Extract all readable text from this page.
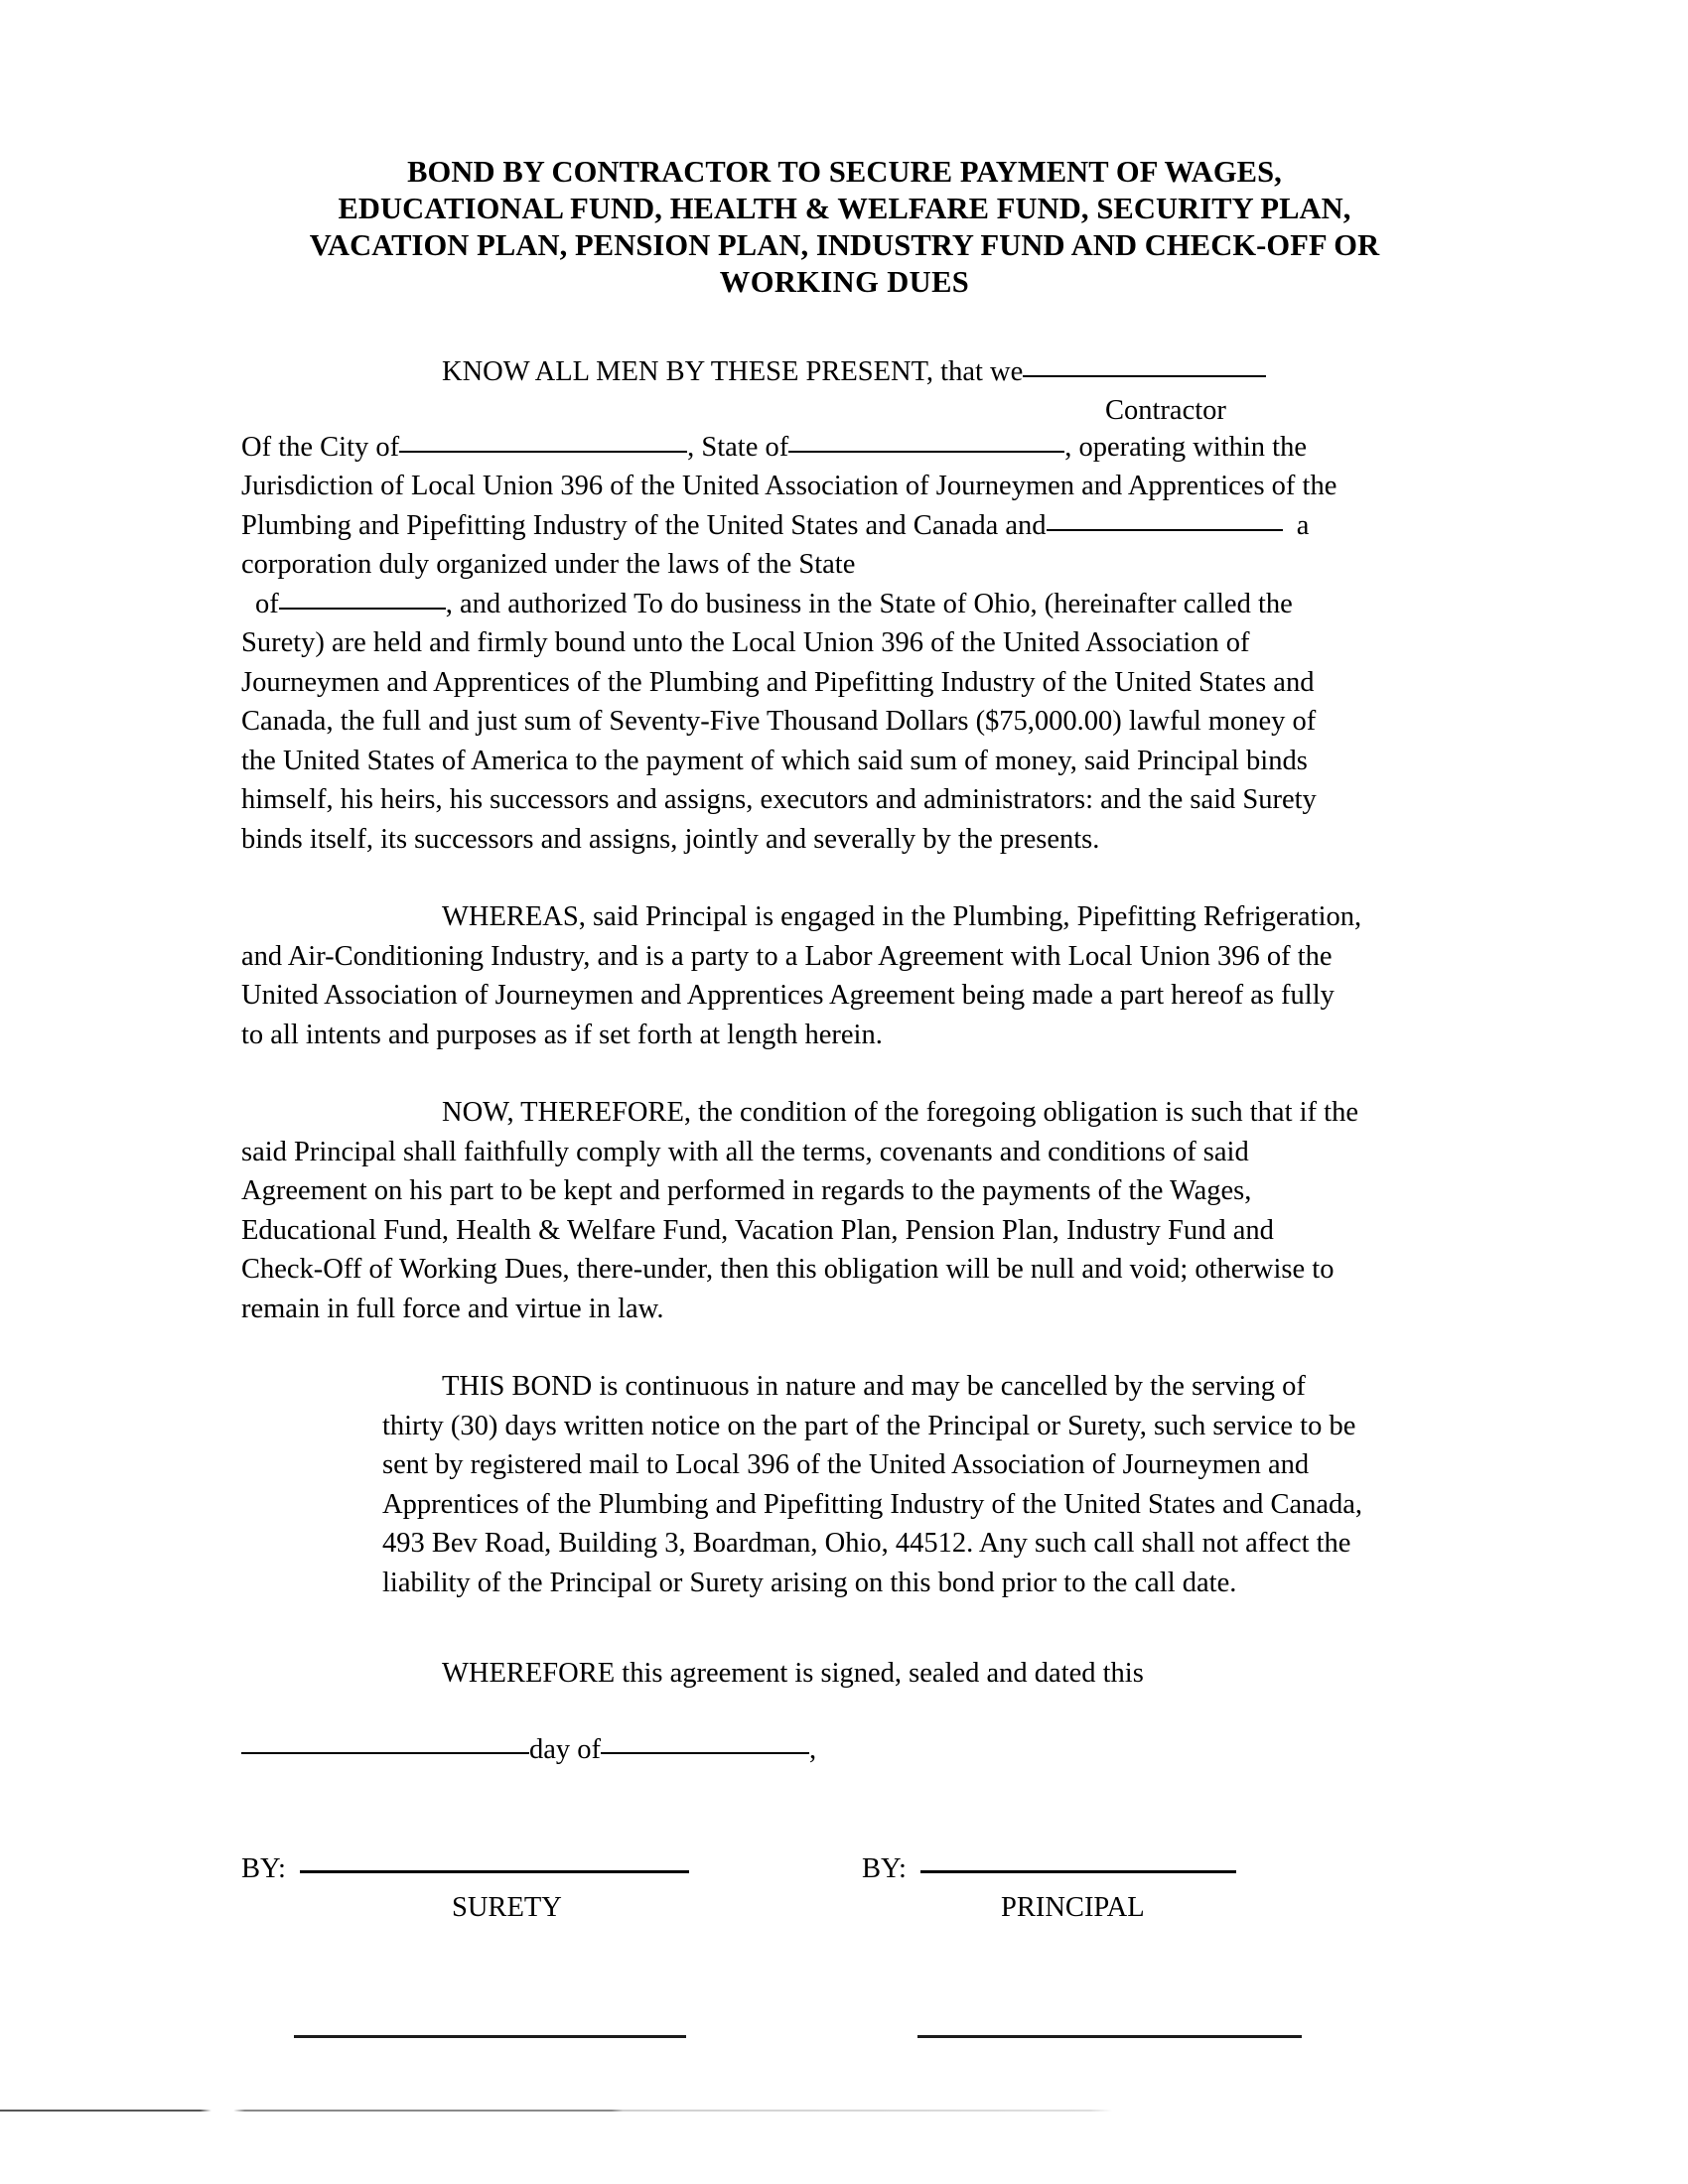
BOND BY CONTRACTOR TO SECURE PAYMENT OF WAGES,
EDUCATIONAL FUND, HEALTH & WELFARE FUND, SECURITY PLAN,
VACATION PLAN, PENSION PLAN, INDUSTRY FUND AND CHECK-OFF OR
WORKING DUES
KNOW ALL MEN BY THESE PRESENT, that we
Contractor
Of the City of	, State of	, operating within the
Jurisdiction of Local Union 396 of the United Association of Journeymen and Apprentices of the
Plumbing and Pipefitting Industry of the United States and Canada and	a
corporation duly organized under the laws of the State
of	, and authorized To do business in the State of Ohio, (hereinafter called the
Surety) are held and firmly bound unto the Local Union 396 of the United Association of
Journeymen and Apprentices of the Plumbing and Pipefitting Industry of the United States and
Canada, the full and just sum of Seventy-Five Thousand Dollars ($75,000.00) lawful money of
the United States of America to the payment of which said sum of money, said Principal binds
himself, his heirs, his successors and assigns, executors and administrators: and the said Surety
binds itself, its successors and assigns, jointly and severally by the presents.
WHEREAS, said Principal is engaged in the Plumbing, Pipefitting Refrigeration,
and Air-Conditioning Industry, and is a party to a Labor Agreement with Local Union 396 of the
United Association of Journeymen and Apprentices Agreement being made a part hereof as fully
to all intents and purposes as if set forth at length herein.
NOW, THEREFORE, the condition of the foregoing obligation is such that if the
said Principal shall faithfully comply with all the terms, covenants and conditions of said
Agreement on his part to be kept and performed in regards to the payments of the Wages,
Educational Fund, Health & Welfare Fund, Vacation Plan, Pension Plan, Industry Fund and
Check-Off of Working Dues, there-under, then this obligation will be null and void; otherwise to
remain in full force and virtue in law.
THIS BOND is continuous in nature and may be cancelled by the serving of
thirty (30) days written notice on the part of the Principal or Surety, such service to be
sent by registered mail to Local 396 of the United Association of Journeymen and
Apprentices of the Plumbing and Pipefitting Industry of the United States and Canada,
493 Bev Road, Building 3, Boardman, Ohio, 44512. Any such call shall not affect the
liability of the Principal or Surety arising on this bond prior to the call date.
WHEREFORE this agreement is signed, sealed and dated this
day of	,
BY:
SURETY
BY:
PRINCIPAL
